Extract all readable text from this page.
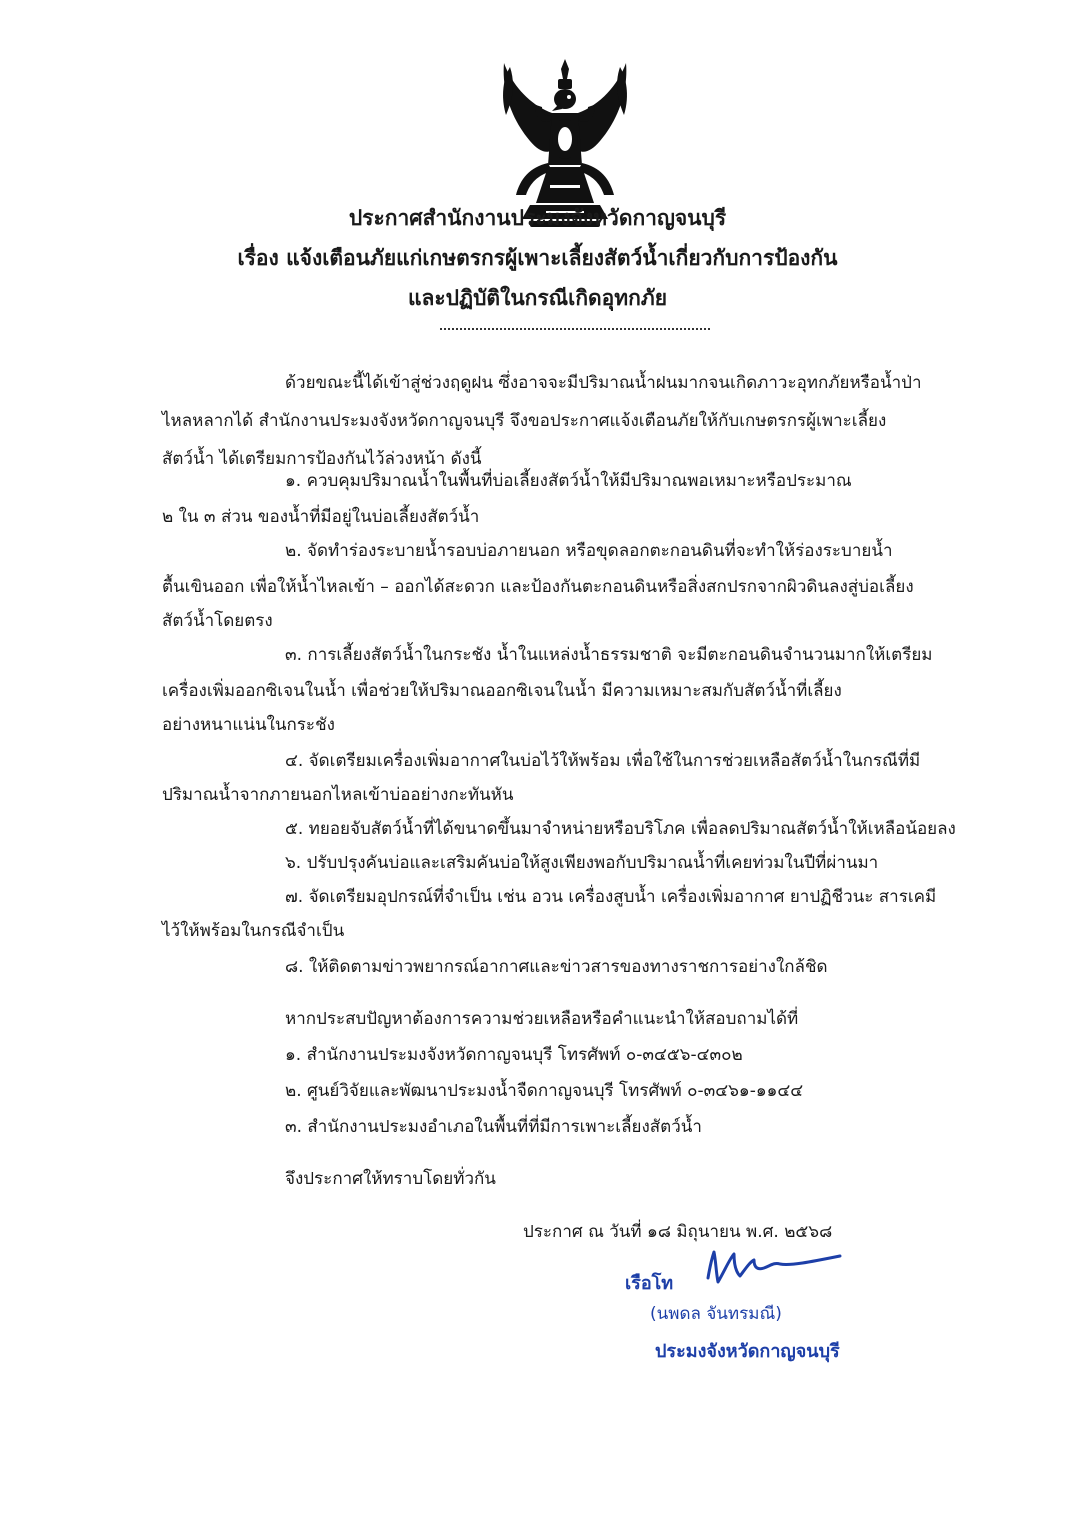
ประกาศสำนักงานประมงจังหวัดกาญจนบุรี
เรื่อง แจ้งเตือนภัยแก่เกษตรกรผู้เพาะเลี้ยงสัตว์น้ำเกี่ยวกับการป้องกัน
และปฏิบัติในกรณีเกิดอุทกภัย
ด้วยขณะนี้ได้เข้าสู่ช่วงฤดูฝน ซึ่งอาจจะมีปริมาณน้ำฝนมากจนเกิดภาวะอุทกภัยหรือน้ำป่า
ไหลหลากได้ สำนักงานประมงจังหวัดกาญจนบุรี จึงขอประกาศแจ้งเตือนภัยให้กับเกษตรกรผู้เพาะเลี้ยง
สัตว์น้ำ ได้เตรียมการป้องกันไว้ล่วงหน้า ดังนี้
๑. ควบคุมปริมาณน้ำในพื้นที่บ่อเลี้ยงสัตว์น้ำให้มีปริมาณพอเหมาะหรือประมาณ
๒ ใน ๓ ส่วน ของน้ำที่มีอยู่ในบ่อเลี้ยงสัตว์น้ำ
๒. จัดทำร่องระบายน้ำรอบบ่อภายนอก หรือขุดลอกตะกอนดินที่จะทำให้ร่องระบายน้ำ
ตื้นเขินออก เพื่อให้น้ำไหลเข้า – ออกได้สะดวก และป้องกันตะกอนดินหรือสิ่งสกปรกจากผิวดินลงสู่บ่อเลี้ยง
สัตว์น้ำโดยตรง
๓. การเลี้ยงสัตว์น้ำในกระชัง น้ำในแหล่งน้ำธรรมชาติ จะมีตะกอนดินจำนวนมากให้เตรียม
เครื่องเพิ่มออกซิเจนในน้ำ เพื่อช่วยให้ปริมาณออกซิเจนในน้ำ มีความเหมาะสมกับสัตว์น้ำที่เลี้ยง
อย่างหนาแน่นในกระชัง
๔. จัดเตรียมเครื่องเพิ่มอากาศในบ่อไว้ให้พร้อม เพื่อใช้ในการช่วยเหลือสัตว์น้ำในกรณีที่มี
ปริมาณน้ำจากภายนอกไหลเข้าบ่ออย่างกะทันหัน
๕. ทยอยจับสัตว์น้ำที่ได้ขนาดขึ้นมาจำหน่ายหรือบริโภค เพื่อลดปริมาณสัตว์น้ำให้เหลือน้อยลง
๖. ปรับปรุงคันบ่อและเสริมคันบ่อให้สูงเพียงพอกับปริมาณน้ำที่เคยท่วมในปีที่ผ่านมา
๗. จัดเตรียมอุปกรณ์ที่จำเป็น เช่น อวน เครื่องสูบน้ำ เครื่องเพิ่มอากาศ ยาปฏิชีวนะ สารเคมี
ไว้ให้พร้อมในกรณีจำเป็น
๘. ให้ติดตามข่าวพยากรณ์อากาศและข่าวสารของทางราชการอย่างใกล้ชิด
หากประสบปัญหาต้องการความช่วยเหลือหรือคำแนะนำให้สอบถามได้ที่
๑. สำนักงานประมงจังหวัดกาญจนบุรี โทรศัพท์ ๐-๓๔๕๖-๔๓๐๒
๒. ศูนย์วิจัยและพัฒนาประมงน้ำจืดกาญจนบุรี โทรศัพท์ ๐-๓๔๖๑-๑๑๔๔
๓. สำนักงานประมงอำเภอในพื้นที่ที่มีการเพาะเลี้ยงสัตว์น้ำ
จึงประกาศให้ทราบโดยทั่วกัน
ประกาศ ณ วันที่ ๑๘ มิถุนายน พ.ศ. ๒๕๖๘
เรือโท
(นพดล จันทรมณี)
ประมงจังหวัดกาญจนบุรี
